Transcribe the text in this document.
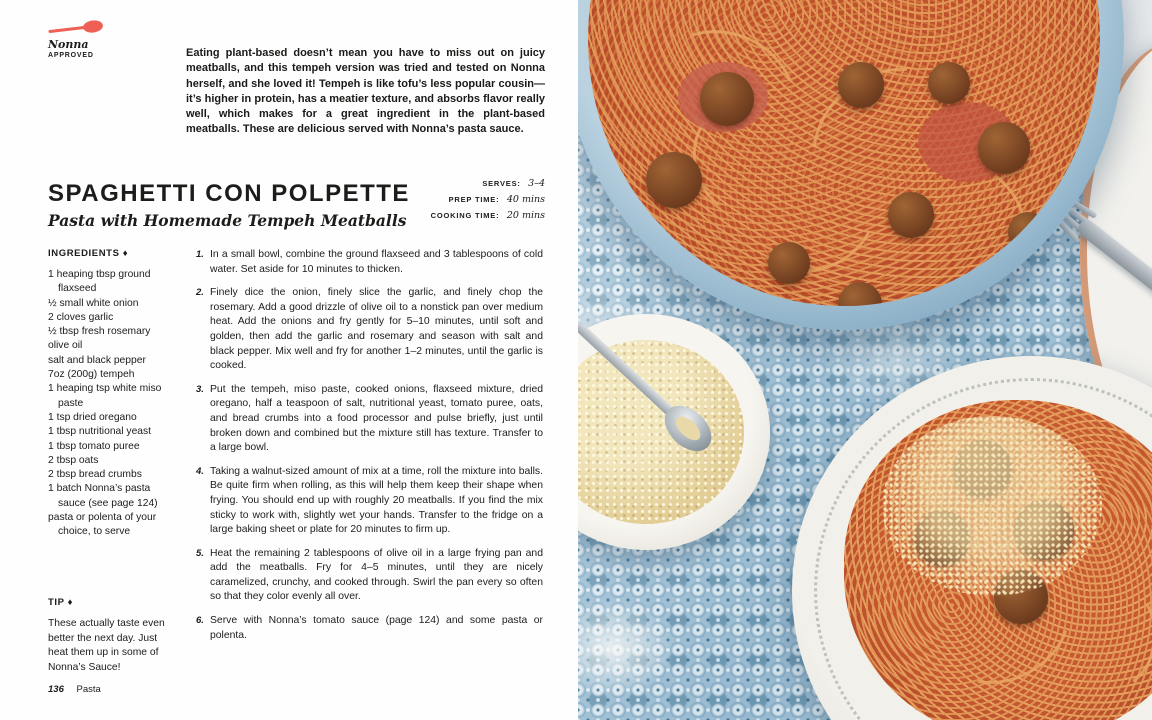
Nonna
APPROVED	Eating plant-based doesn’t mean you have to miss out on juicy meatballs, and this tempeh version was tried and tested on Nonna herself, and she loved it! Tempeh is like tofu’s less popular cousin—it’s higher in protein, has a meatier texture, and absorbs flavor really well, which makes for a great ingredient in the plant-based meatballs. These are delicious served with Nonna’s pasta sauce.

SPAGHETTI CON POLPETTE
Pasta with Homemade Tempeh Meatballs
SERVES: 3–4
PREP TIME: 40 mins
COOKING TIME: 20 mins
INGREDIENTS ♦
1 heaping tbsp ground flaxseed
½ small white onion
2 cloves garlic
½ tbsp fresh rosemary
olive oil
salt and black pepper
7oz (200g) tempeh
1 heaping tsp white miso paste
1 tsp dried oregano
1 tbsp nutritional yeast
1 tbsp tomato puree
2 tbsp oats
2 tbsp bread crumbs
1 batch Nonna’s pasta sauce (see page 124)
pasta or polenta of your choice, to serve
1. In a small bowl, combine the ground flaxseed and 3 tablespoons of cold water. Set aside for 10 minutes to thicken.
2. Finely dice the onion, finely slice the garlic, and finely chop the rosemary. Add a good drizzle of olive oil to a nonstick pan over medium heat. Add the onions and fry gently for 5–10 minutes, until soft and golden, then add the garlic and rosemary and season with salt and black pepper. Mix well and fry for another 1–2 minutes, until the garlic is cooked.
3. Put the tempeh, miso paste, cooked onions, flaxseed mixture, dried oregano, half a teaspoon of salt, nutritional yeast, tomato puree, oats, and bread crumbs into a food processor and pulse briefly, just until broken down and combined but the mixture still has texture. Transfer to a large bowl.
4. Taking a walnut-sized amount of mix at a time, roll the mixture into balls. Be quite firm when rolling, as this will help them keep their shape when frying. You should end up with roughly 20 meatballs. If you find the mix sticky to work with, slightly wet your hands. Transfer to the fridge on a large baking sheet or plate for 20 minutes to firm up.
5. Heat the remaining 2 tablespoons of olive oil in a large frying pan and add the meatballs. Fry for 4–5 minutes, until they are nicely caramelized, crunchy, and cooked through. Swirl the pan every so often so that they color evenly all over.
6. Serve with Nonna’s tomato sauce (page 124) and some pasta or polenta.
TIP ♦

These actually taste even better the next day. Just heat them up in some of Nonna’s Sauce!

136 Pasta
